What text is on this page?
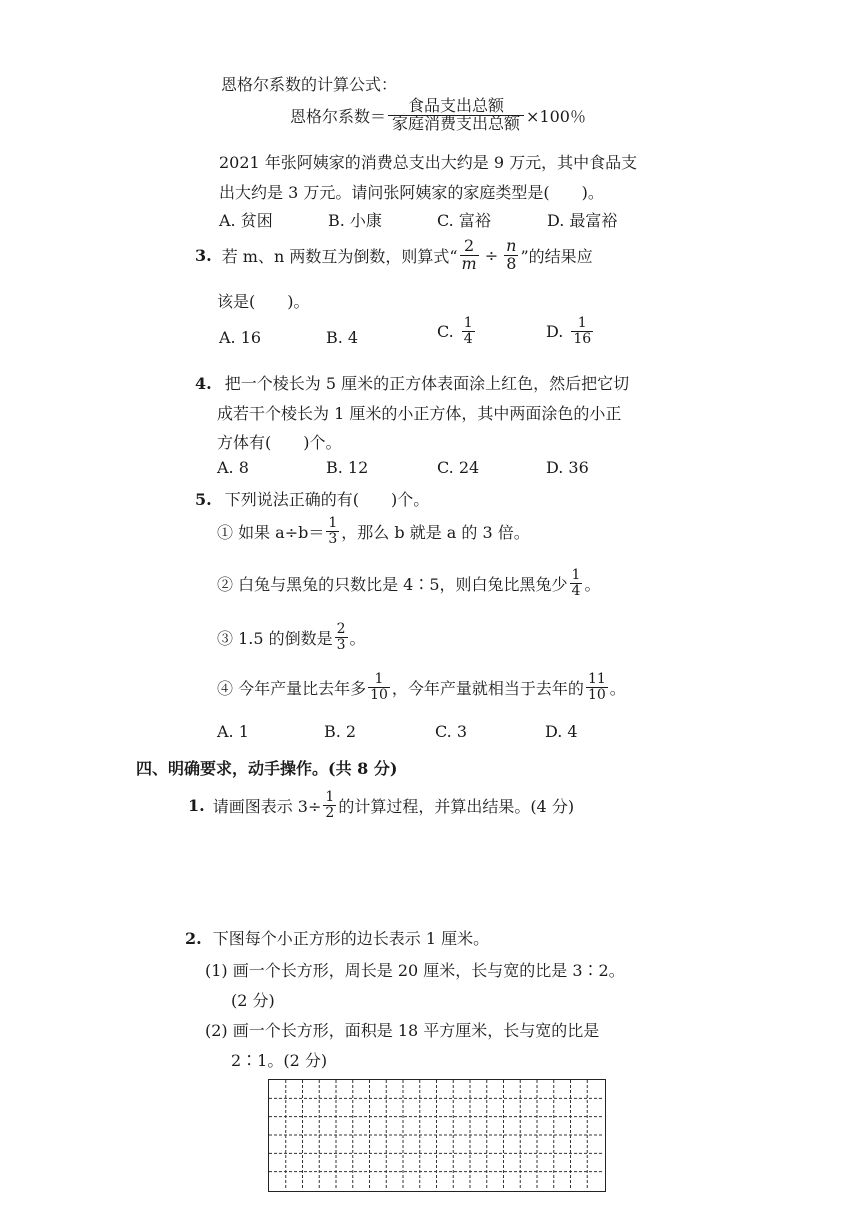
恩格尔系数的计算公式：
恩格尔系数＝ $\frac{\text{食品支出总额}}{\text{家庭消费支出总额}} \times 100$％
2021 年张阿姨家的消费总支出大约是 9 万元，其中食品支
出大约是 3 万元。请问张阿姨家的家庭类型是(　　)。
A. 贫困	B. 小康	C. 富裕	D. 最富裕
3. 若 m、n 两数互为倒数，则算式“ $\frac{2}{m} \div \frac{n}{8}$ ”的结果应
该是(　　)。
A. 16	B. 4	C. $\frac{1}{4}$	D. $\frac{1}{16}$
4. 把一个棱长为 5 厘米的正方体表面涂上红色，然后把它切
成若干个棱长为 1 厘米的小正方体，其中两面涂色的小正
方体有(　　)个。
A. 8	B. 12	C. 24	D. 36
5. 下列说法正确的有(　　)个。
① 如果 $a\div b= \frac{1}{3}$ ，那么 b 就是 a 的 3 倍。
② 白兔与黑兔的只数比是 4∶5，则白兔比黑兔少 $\frac{1}{4}$ 。
③ 1.5 的倒数是 $\frac{2}{3}$ 。
④ 今年产量比去年多 $\frac{1}{10}$ ，今年产量就相当于去年的 $\frac{11}{10}$ 。
A. 1	B. 2	C. 3	D. 4
四、明确要求，动手操作。(共 8 分)
1. 请画图表示 $3\div \frac{1}{2}$ 的计算过程，并算出结果。(4 分)
2. 下图每个小正方形的边长表示 1 厘米。
(1) 画一个长方形，周长是 20 厘米，长与宽的比是 3∶2。
(2 分)
(2) 画一个长方形，面积是 18 平方厘米，长与宽的比是
2∶1。(2 分)
